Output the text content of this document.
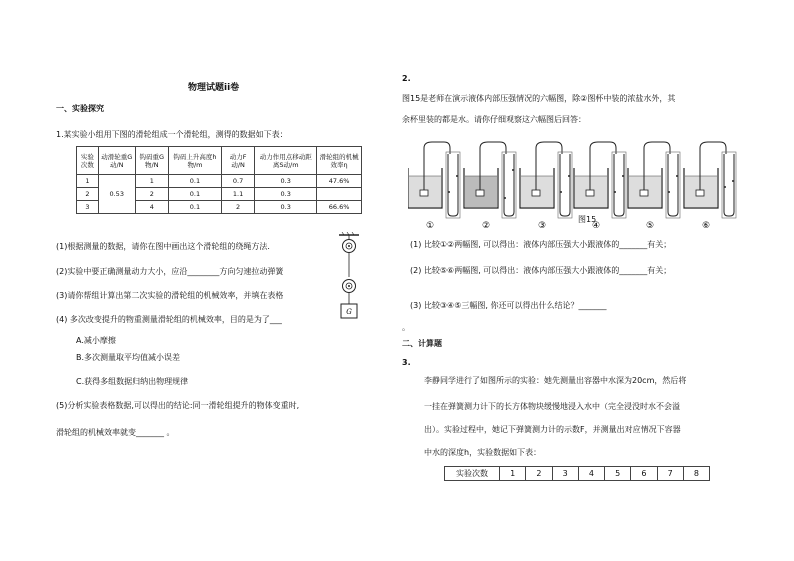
物理试题ii卷
一、实验探究
1.某实验小组用下图的滑轮组成一个滑轮组，测得的数据如下表：
实验次数	动滑轮重G动/N	钩码重G物/N	钩码上升高度h物/m	动力F动/N	动力作用点移动距离S动/m	滑轮组的机械效率η
1	0.53	1	0.1	0.7	0.3	47.6%
2		2	0.1	1.1	0.3	
3		4	0.1	2	0.3	66.6%
(1)根据测量的数据，请你在图中画出这个滑轮组的绕绳方法.
(2)实验中要正确测量动力大小，应沿________方向匀速拉动弹簧
(3)请你帮组计算出第二次实验的滑轮组的机械效率，并填在表格
(4) 多次改变提升的物重测量滑轮组的机械效率，目的是为了___
A.减小摩擦
B.多次测量取平均值减小误差
C.获得多组数据归纳出物理规律
(5)分析实验表格数据,可以得出的结论:同一滑轮组提升的物体变重时,
滑轮组的机械效率就变_______ 。
G
2.
图15是老师在演示液体内部压强情况的六幅图，除②图杯中装的浓盐水外，其
余杯里装的都是水。请你仔细观察这六幅图后回答：
①	②	③	④	⑤	⑥
图15
(1) 比较①②两幅图, 可以得出：液体内部压强大小跟液体的_______有关；
(2) 比较⑤⑥两幅图, 可以得出：液体内部压强大小跟液体的_______有关；
(3) 比较③④⑤三幅图, 你还可以得出什么结论？_______
。
二、计算题
3.
李静同学进行了如图所示的实验：她先测量出容器中水深为20cm，然后将
一挂在弹簧测力计下的长方体物块缓慢地浸入水中（完全浸没时水不会溢
出）。实验过程中，她记下弹簧测力计的示数F，并测量出对应情况下容器
中水的深度h，实验数据如下表：
实验次数	1	2	3	4	5	6	7	8
